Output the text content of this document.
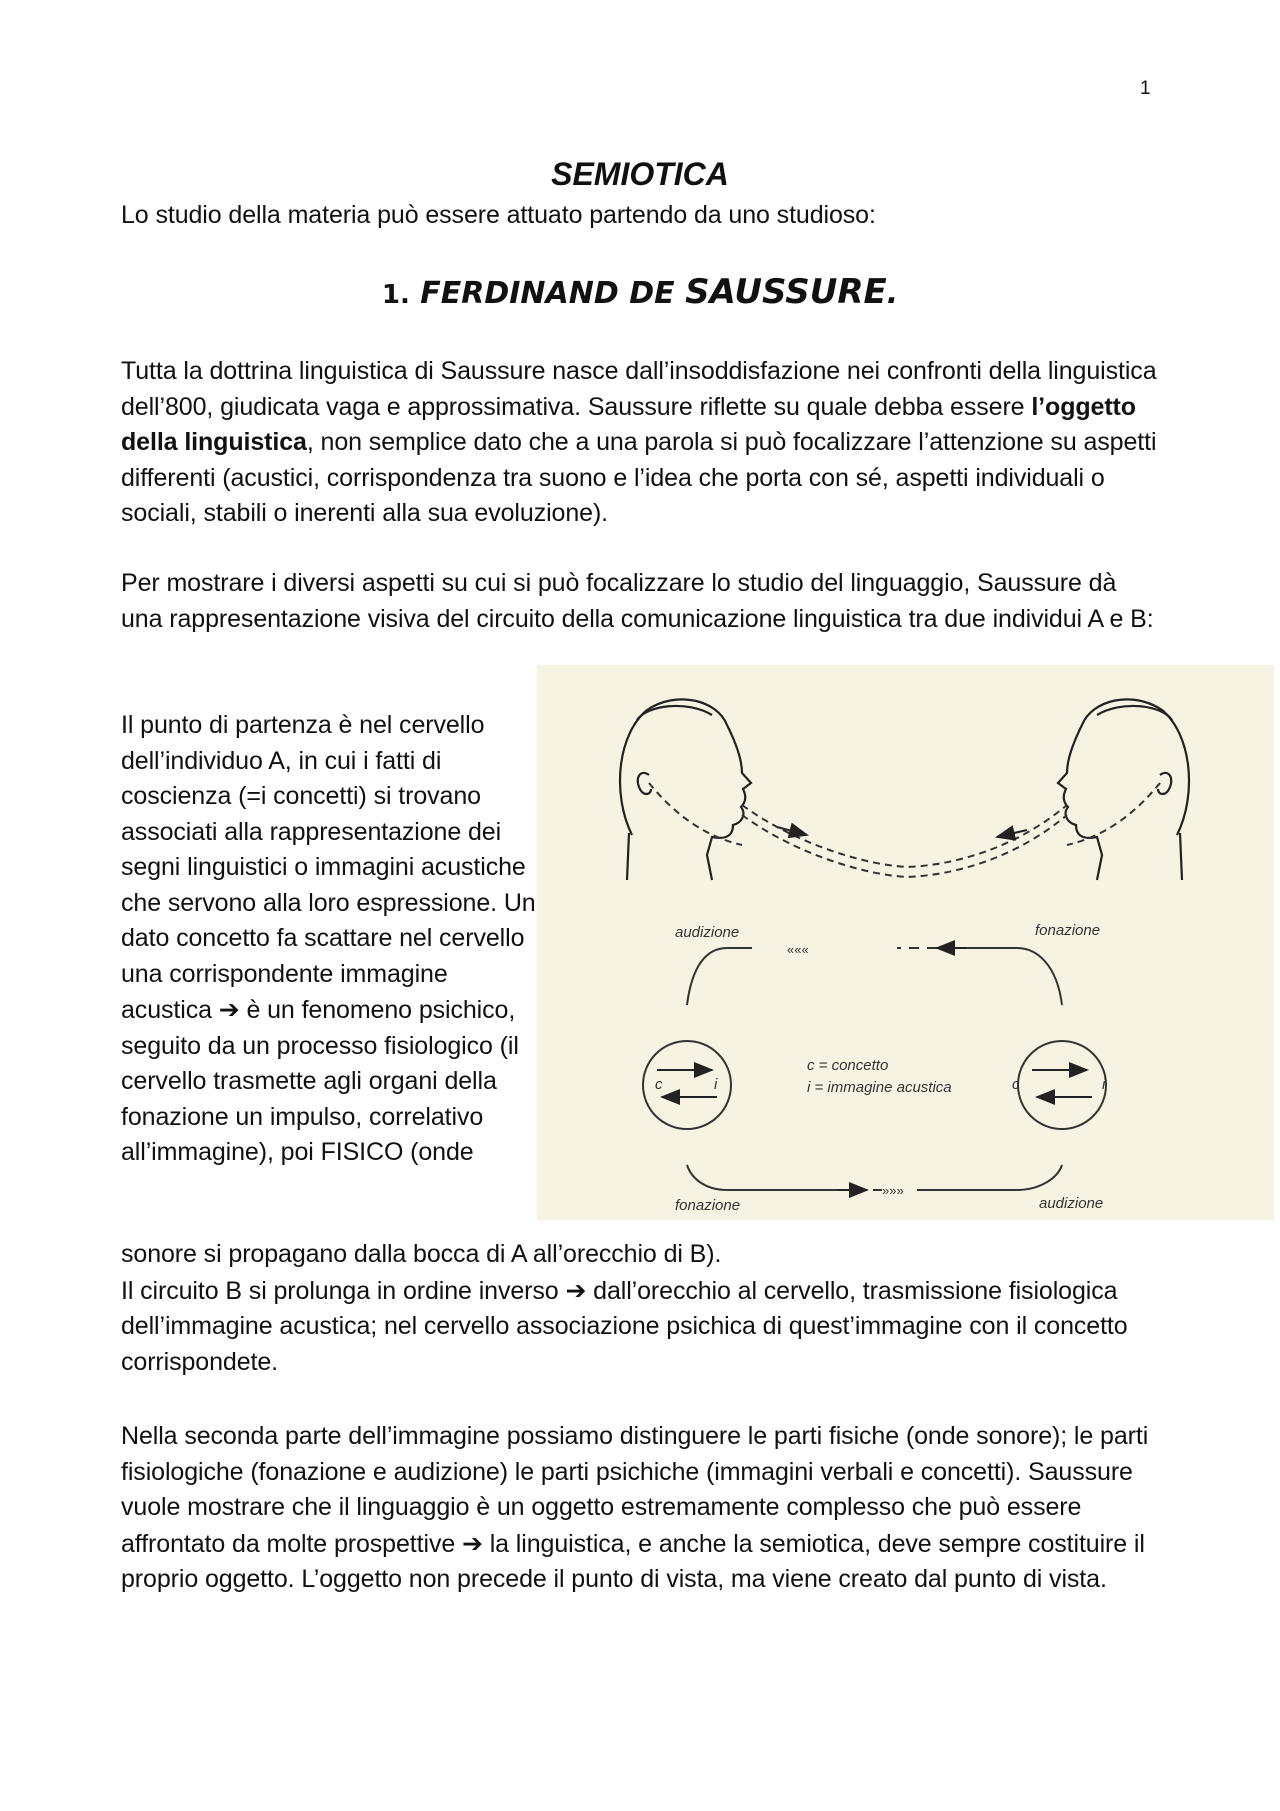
1
SEMIOTICA

Lo studio della materia può essere attuato partendo da uno studioso:

1. FERDINAND DE SAUSSURE.

Tutta la dottrina linguistica di Saussure nasce dall’insoddisfazione nei confronti della linguistica dell’800, giudicata vaga e approssimativa. Saussure riflette su quale debba essere l’oggetto della linguistica, non semplice dato che a una parola si può focalizzare l’attenzione su aspetti differenti (acustici, corrispondenza tra suono e l’idea che porta con sé, aspetti individuali o sociali, stabili o inerenti alla sua evoluzione).

Per mostrare i diversi aspetti su cui si può focalizzare lo studio del linguaggio, Saussure dà una rappresentazione visiva del circuito della comunicazione linguistica tra due individui A e B:

Il punto di partenza è nel cervello dell’individuo A, in cui i fatti di coscienza (=i concetti) si trovano associati alla rappresentazione dei segni linguistici o immagini acustiche che servono alla loro espressione. Un dato concetto fa scattare nel cervello una corrispondente immagine acustica ➔ è un fenomeno psichico, seguito da un processo fisiologico (il cervello trasmette agli organi della fonazione un impulso, correlativo all’immagine), poi FISICO (onde

sonore si propagano dalla bocca di A all’orecchio di B).
Il circuito B si prolunga in ordine inverso ➔ dall’orecchio al cervello, trasmissione fisiologica dell’immagine acustica; nel cervello associazione psichica di quest’immagine con il concetto corrispondete.

Nella seconda parte dell’immagine possiamo distinguere le parti fisiche (onde sonore); le parti fisiologiche (fonazione e audizione) le parti psichiche (immagini verbali e concetti). Saussure vuole mostrare che il linguaggio è un oggetto estremamente complesso che può essere affrontato da molte prospettive ➔ la linguistica, e anche la semiotica, deve sempre costituire il proprio oggetto. L’oggetto non precede il punto di vista, ma viene creato dal punto di vista.

audizione	fonazione
fonazione	audizione
«««
»»»
c	i	c	i
c = concetto
i = immagine acustica
